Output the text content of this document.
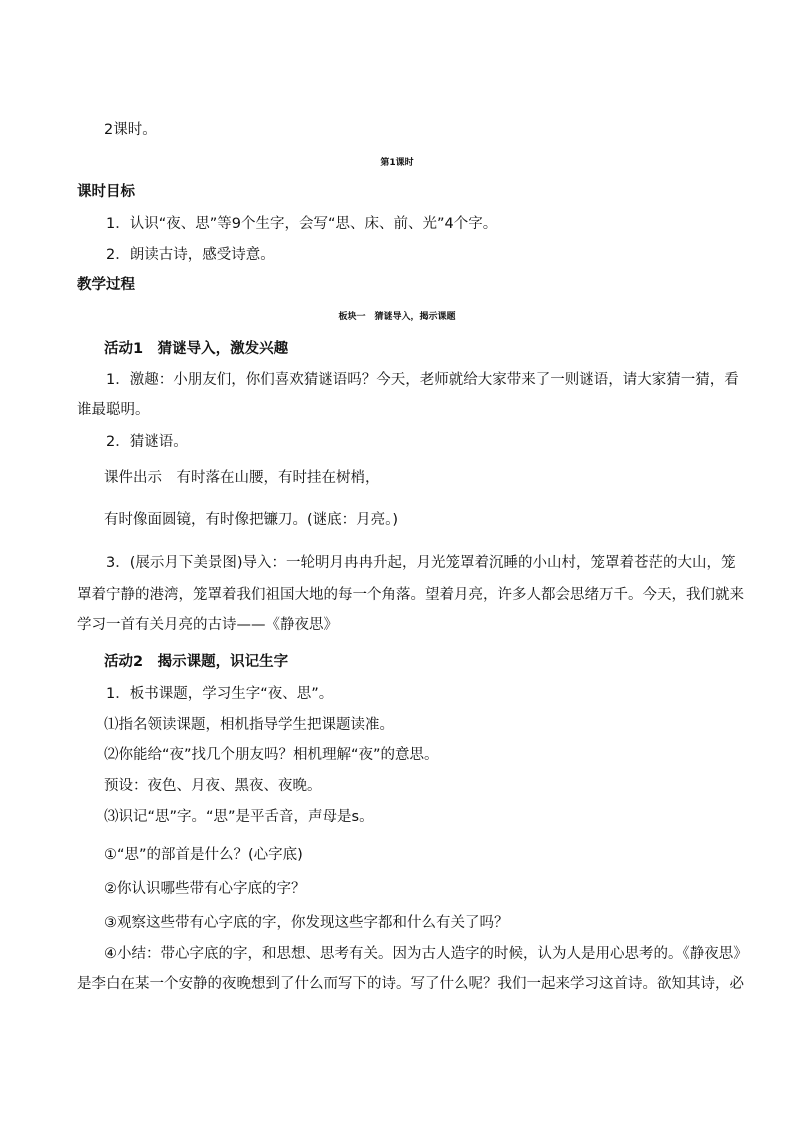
2课时。

第1课时

课时目标

1．认识“夜、思”等9个生字，会写“思、床、前、光”4个字。

2．朗读古诗，感受诗意。

教学过程

板块一　猜谜导入，揭示课题

活动1　猜谜导入，激发兴趣

1．激趣：小朋友们，你们喜欢猜谜语吗？今天，老师就给大家带来了一则谜语，请大家猜一猜，看

谁最聪明。

2．猜谜语。

课件出示　有时落在山腰，有时挂在树梢，

有时像面圆镜，有时像把镰刀。(谜底：月亮。)

3．(展示月下美景图)导入：一轮明月冉冉升起，月光笼罩着沉睡的小山村，笼罩着苍茫的大山，笼

罩着宁静的港湾，笼罩着我们祖国大地的每一个角落。望着月亮，许多人都会思绪万千。今天，我们就来

学习一首有关月亮的古诗——《静夜思》

活动2　揭示课题，识记生字

1．板书课题，学习生字“夜、思”。

⑴指名领读课题，相机指导学生把课题读准。

⑵你能给“夜”找几个朋友吗？相机理解“夜”的意思。

预设：夜色、月夜、黑夜、夜晚。

⑶识记“思”字。“思”是平舌音，声母是s。

①“思”的部首是什么？(心字底)

②你认识哪些带有心字底的字？

③观察这些带有心字底的字，你发现这些字都和什么有关了吗？

④小结：带心字底的字，和思想、思考有关。因为古人造字的时候，认为人是用心思考的。《静夜思》

是李白在某一个安静的夜晚想到了什么而写下的诗。写了什么呢？我们一起来学习这首诗。欲知其诗，必
